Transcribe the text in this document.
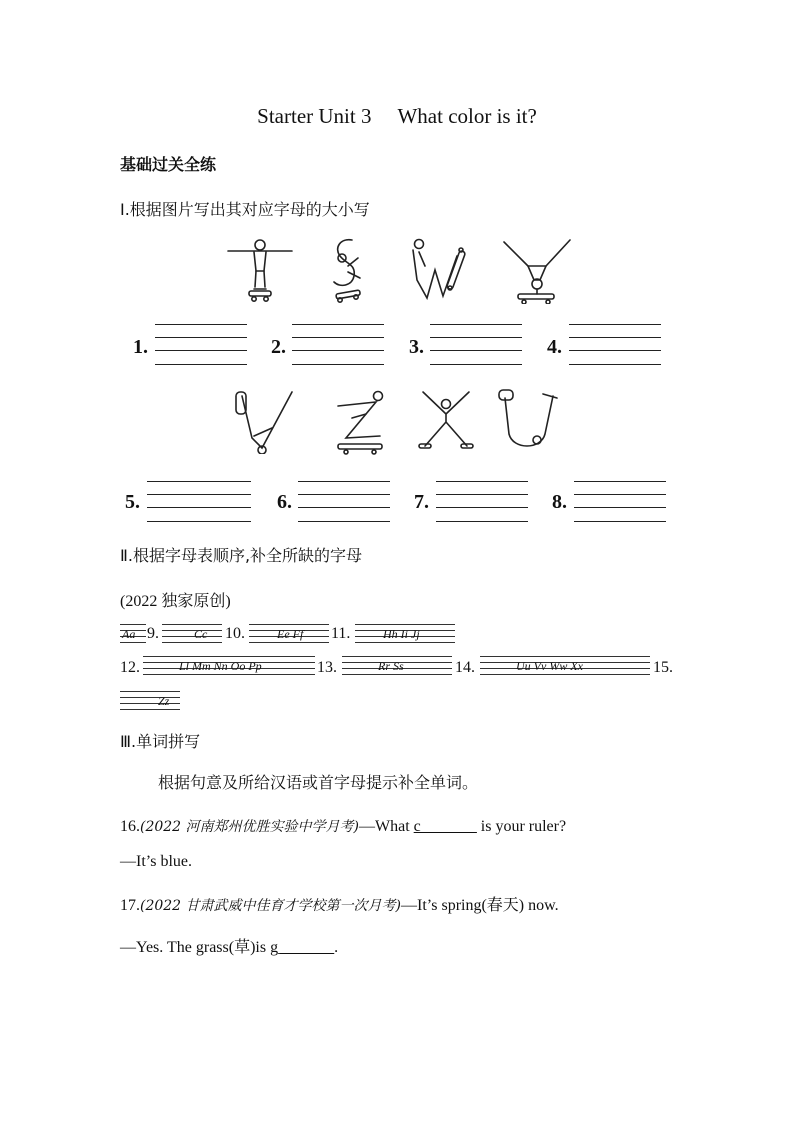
Starter Unit 3 What color is it?
基础过关全练
Ⅰ.根据图片写出其对应字母的大小写
1.	2.	3.	4.
5.	6.	7.	8.
Ⅱ.根据字母表顺序,补全所缺的字母
(2022 独家原创)
Aa 9.	Cc 10.	Ee Ff 11.	Hh Ii Jj
12.	Ll Mm Nn Oo Pp	13.	Rr Ss	14.	Uu Vv Ww Xx	15.
Zz
Ⅲ.单词拼写
根据句意及所给汉语或首字母提示补全单词。
16.(2022 河南郑州优胜实验中学月考)—What c_______ is your ruler?
—It’s blue.
17.(2022 甘肃武威中佳育才学校第一次月考)—It’s spring(春天) now.
—Yes. The grass(草)is g_______.
